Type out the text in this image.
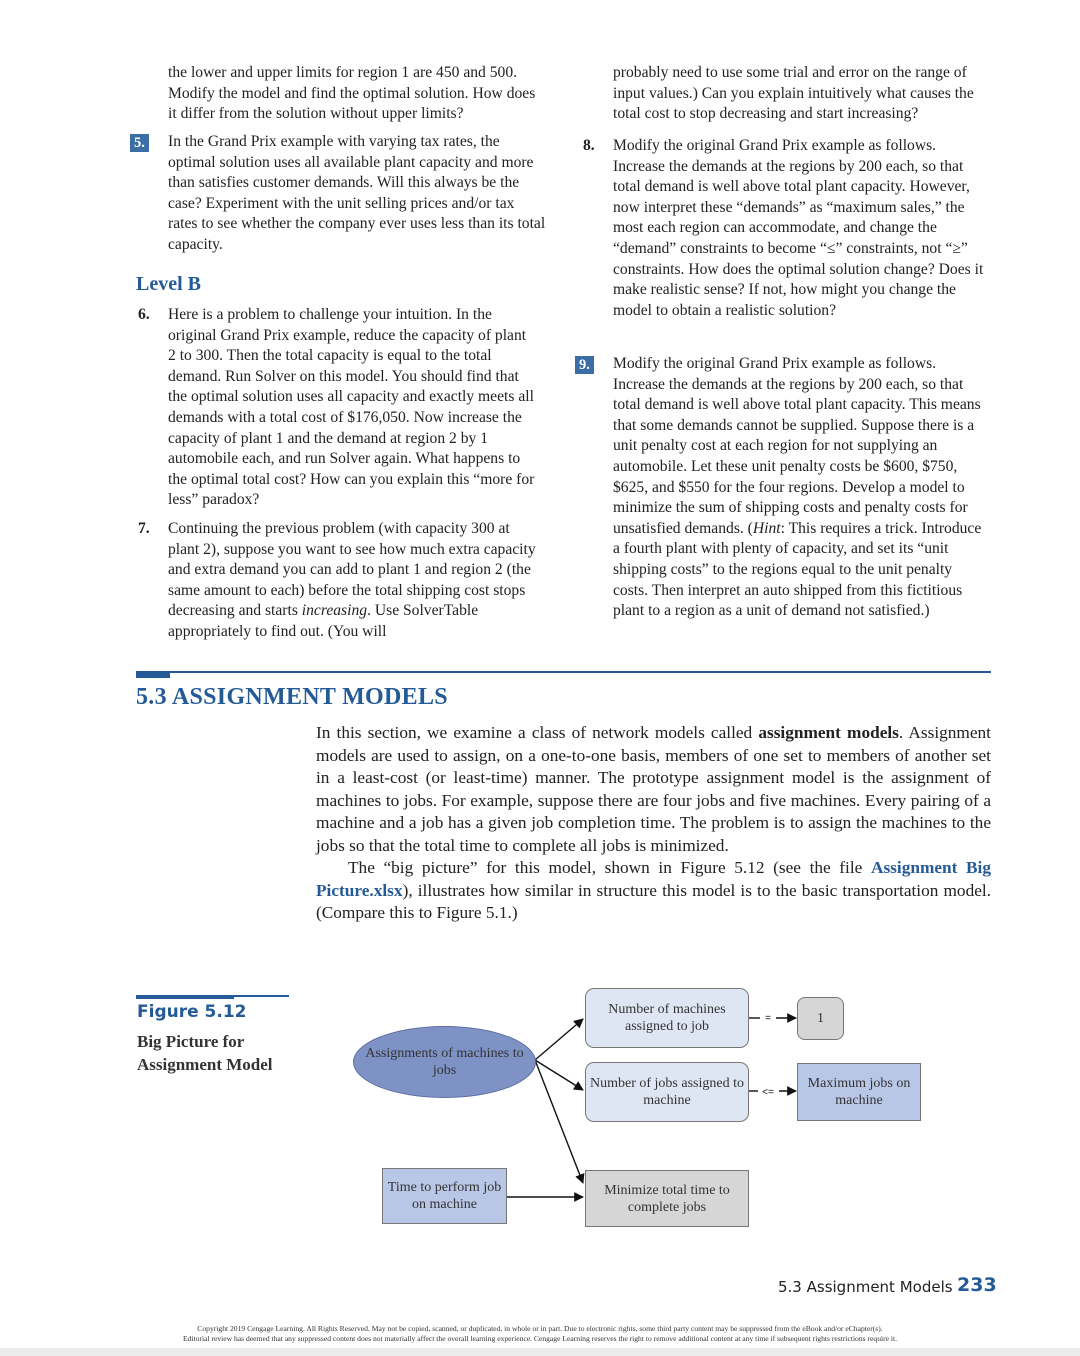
the lower and upper limits for region 1 are 450 and 500. Modify the model and find the optimal solution. How does it differ from the solution without upper limits?

5. In the Grand Prix example with varying tax rates, the optimal solution uses all available plant capacity and more than satisfies customer demands. Will this always be the case? Experiment with the unit selling prices and/or tax rates to see whether the company ever uses less than its total capacity.

Level B
6. Here is a problem to challenge your intuition. In the original Grand Prix example, reduce the capacity of plant 2 to 300. Then the total capacity is equal to the total demand. Run Solver on this model. You should find that the optimal solution uses all capacity and exactly meets all demands with a total cost of $176,050. Now increase the capacity of plant 1 and the demand at region 2 by 1 automobile each, and run Solver again. What happens to the optimal total cost? How can you explain this “more for less” paradox?

7. Continuing the previous problem (with capacity 300 at plant 2), suppose you want to see how much extra capacity and extra demand you can add to plant 1 and region 2 (the same amount to each) before the total shipping cost stops decreasing and starts increasing. Use SolverTable appropriately to find out. (You will

probably need to use some trial and error on the range of input values.) Can you explain intuitively what causes the total cost to stop decreasing and start increasing?

8. Modify the original Grand Prix example as follows. Increase the demands at the regions by 200 each, so that total demand is well above total plant capacity. However, now interpret these “demands” as “maximum sales,” the most each region can accommodate, and change the “demand” constraints to become “≤” constraints, not “≥” constraints. How does the optimal solution change? Does it make realistic sense? If not, how might you change the model to obtain a realistic solution?

9. Modify the original Grand Prix example as follows. Increase the demands at the regions by 200 each, so that total demand is well above total plant capacity. This means that some demands cannot be supplied. Suppose there is a unit penalty cost at each region for not supplying an automobile. Let these unit penalty costs be $600, $750, $625, and $550 for the four regions. Develop a model to minimize the sum of shipping costs and penalty costs for unsatisfied demands. (Hint: This requires a trick. Introduce a fourth plant with plenty of capacity, and set its “unit shipping costs” to the regions equal to the unit penalty costs. Then interpret an auto shipped from this fictitious plant to a region as a unit of demand not satisfied.)

5.3 ASSIGNMENT MODELS
In this section, we examine a class of network models called assignment models. Assignment models are used to assign, on a one-to-one basis, members of one set to members of another set in a least-cost (or least-time) manner. The prototype assignment model is the assignment of machines to jobs. For example, suppose there are four jobs and five machines. Every pairing of a machine and a job has a given job completion time. The problem is to assign the machines to the jobs so that the total time to complete all jobs is minimized.
The “big picture” for this model, shown in Figure 5.12 (see the file Assignment Big Picture.xlsx), illustrates how similar in structure this model is to the basic transportation model. (Compare this to Figure 5.1.)
Figure 5.12
Big Picture for Assignment Model
=
<=
Assignments of machines to jobs
Number of machines assigned to job
1
Number of jobs assigned to machine
Maximum jobs on machine
Time to perform job on machine
Minimize total time to complete jobs
5.3 Assignment Models 233
Copyright 2019 Cengage Learning. All Rights Reserved. May not be copied, scanned, or duplicated, in whole or in part. Due to electronic rights, some third party content may be suppressed from the eBook and/or eChapter(s).
Editorial review has deemed that any suppressed content does not materially affect the overall learning experience. Cengage Learning reserves the right to remove additional content at any time if subsequent rights restrictions require it.
